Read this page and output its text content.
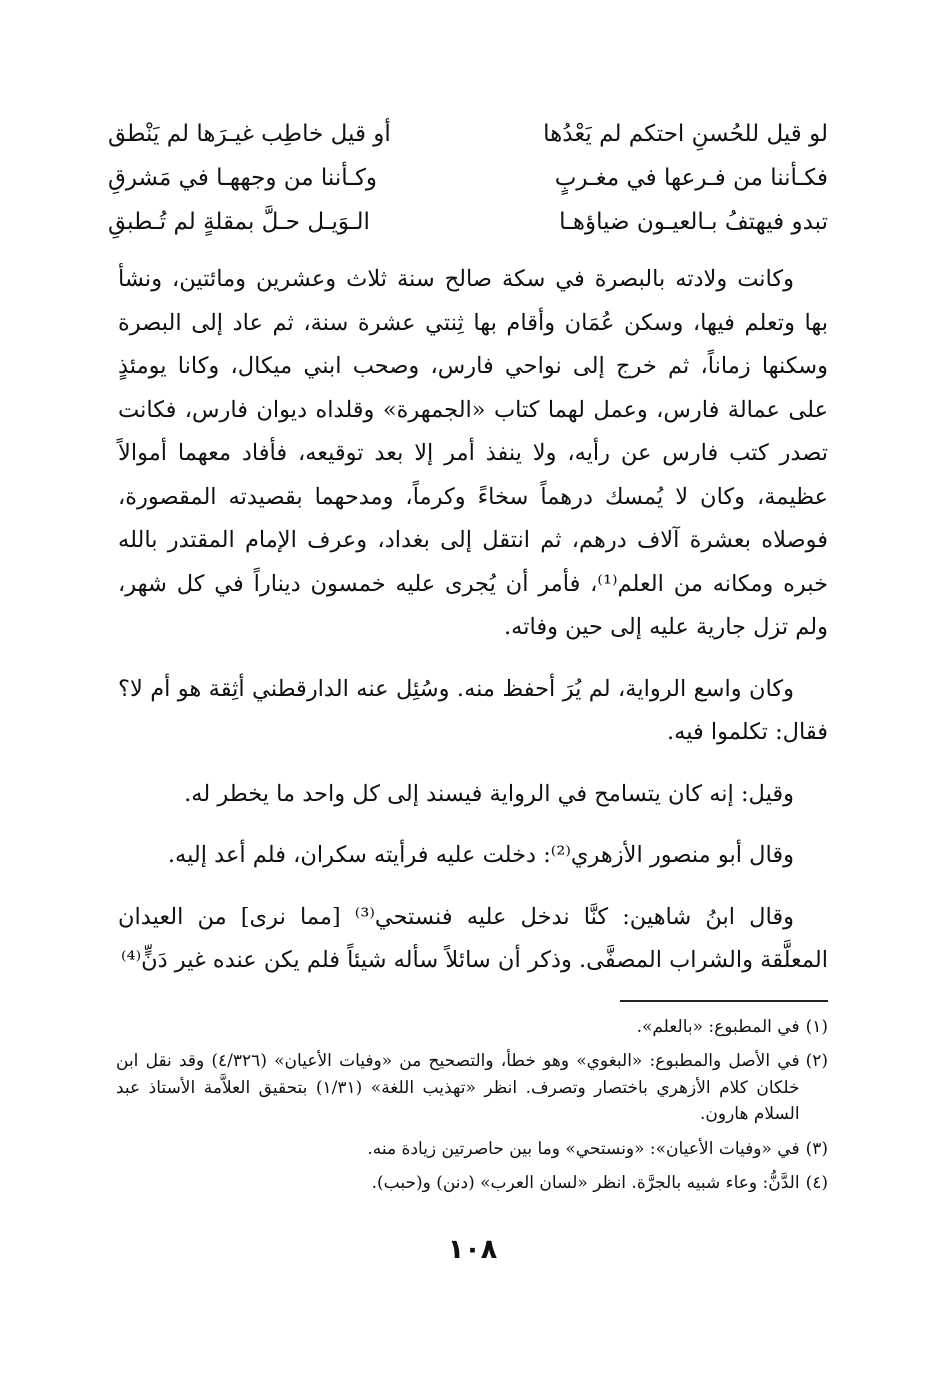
لو قيل للحُسنِ احتكم لم يَعْدُها
أو قيل خاطِب غيـرَها لم يَنْطق
فكـأننا من فـرعها في مغـربٍ
وكـأننا من وجههـا في مَشرقِ
تبدو فيهتفُ بـالعيـون ضياؤهـا
الـوَيـل حـلَّ بمقلةٍ لم تُـطبقِ

وكانت ولادته بالبصرة في سكة صالح سنة ثلاث وعشرين ومائتين، ونشأ بها وتعلم فيها، وسكن عُمَان وأقام بها ثِنتي عشرة سنة، ثم عاد إلى البصرة وسكنها زماناً، ثم خرج إلى نواحي فارس، وصحب ابني ميكال، وكانا يومئذٍ على عمالة فارس، وعمل لهما كتاب «الجمهرة» وقلداه ديوان فارس، فكانت تصدر كتب فارس عن رأيه، ولا ينفذ أمر إلا بعد توقيعه، فأفاد معهما أموالاً عظيمة، وكان لا يُمسك درهماً سخاءً وكرماً، ومدحهما بقصيدته المقصورة، فوصلاه بعشرة آلاف درهم، ثم انتقل إلى بغداد، وعرف الإمام المقتدر بالله خبره ومكانه من العلم⁽¹⁾، فأمر أن يُجرى عليه خمسون ديناراً في كل شهر، ولم تزل جارية عليه إلى حين وفاته.

وكان واسع الرواية، لم يُرَ أحفظ منه. وسُئِل عنه الدارقطني أثِقة هو أم لا؟ فقال: تكلموا فيه.

وقيل: إنه كان يتسامح في الرواية فيسند إلى كل واحد ما يخطر له.

وقال أبو منصور الأزهري⁽²⁾: دخلت عليه فرأيته سكران، فلم أعد إليه.

وقال ابنُ شاهين: كنَّا ندخل عليه فنستحي⁽³⁾ [مما نرى] من العيدان المعلَّقة والشراب المصفَّى. وذكر أن سائلاً سأله شيئاً فلم يكن عنده غير دَنٍّ⁽⁴⁾

(١)
في المطبوع: «بالعلم».
(٢)
في الأصل والمطبوع: «البغوي» وهو خطأ، والتصحيح من «وفيات الأعيان» (٤/٣٢٦) وقد نقل ابن خلكان كلام الأزهري باختصار وتصرف. انظر «تهذيب اللغة» (١/٣١) بتحقيق العلاَّمة الأستاذ عبد السلام هارون.
(٣)
في «وفيات الأعيان»: «ونستحي» وما بين حاصرتين زيادة منه.
(٤)
الدَّنُّ: وعاء شبيه بالجرَّة. انظر «لسان العرب» (دنن) و(حبب).
١٠٨
